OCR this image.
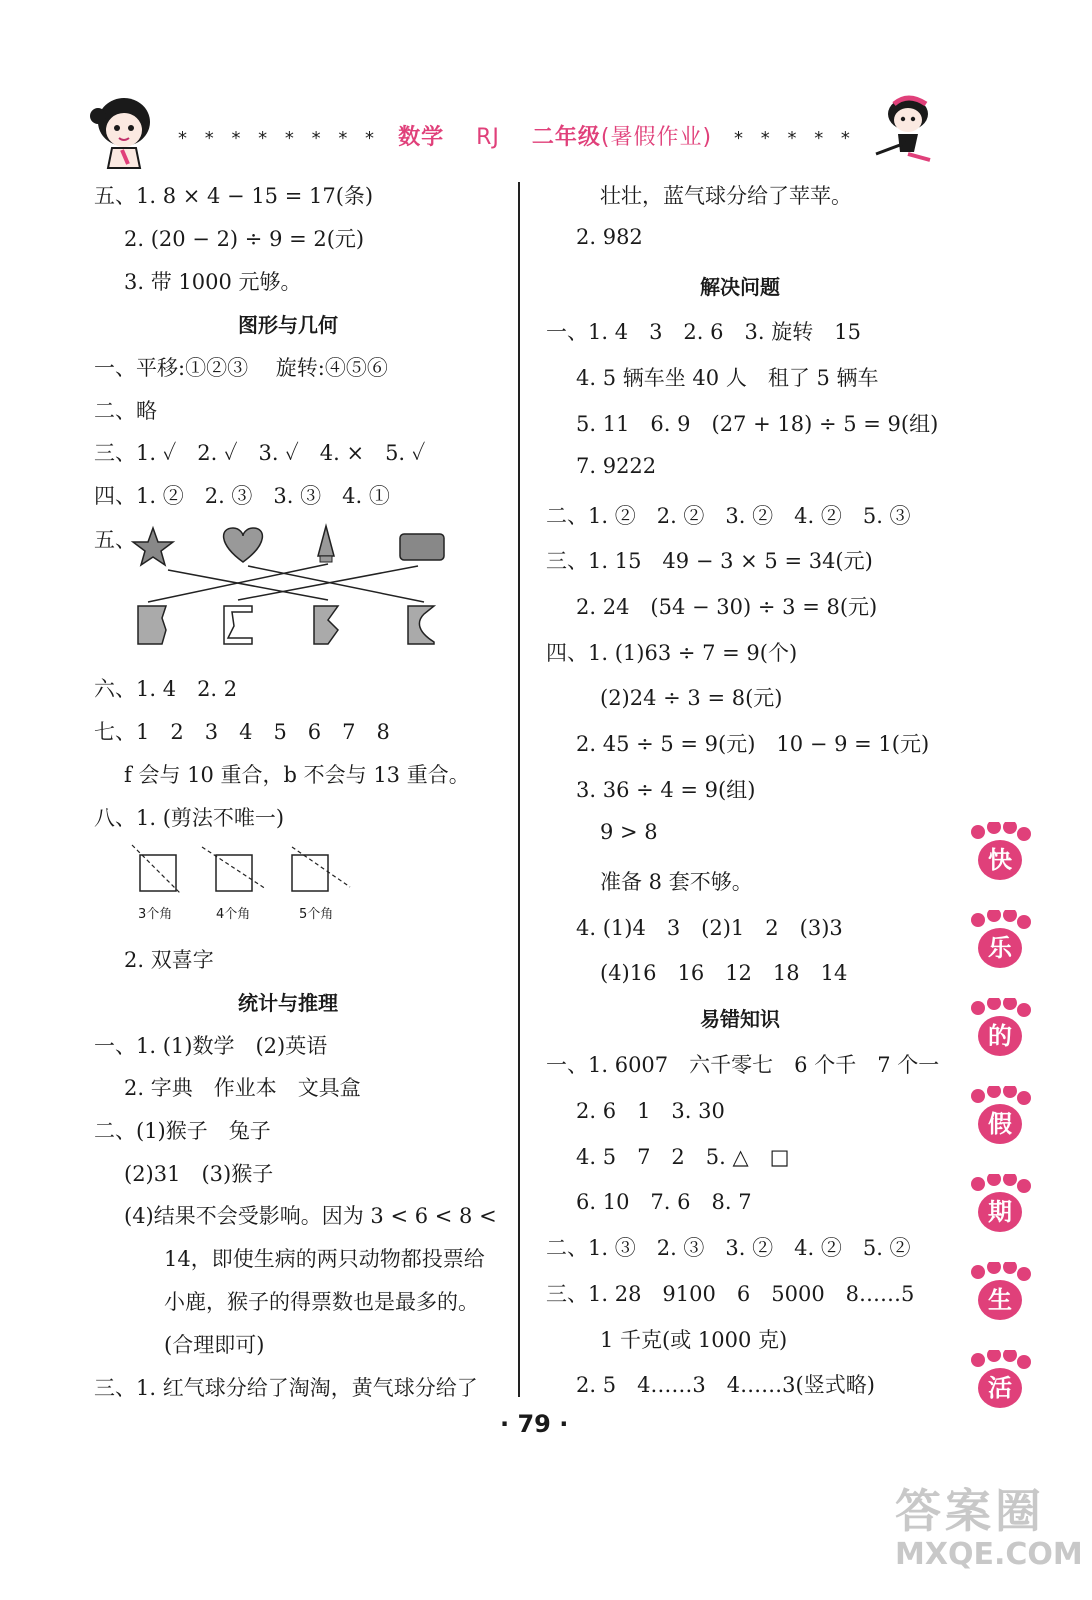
* * * * * * * * 数学 RJ 二年级(暑假作业) * * * * *
五、1. 8 × 4 − 15 = 17(条)
2. (20 − 2) ÷ 9 = 2(元)
3. 带 1000 元够。
图形与几何
一、平移:①②③　 旋转:④⑤⑥
二、略
三、1. ✓　2. ✓　3. ✓　4. ×　5. ✓
四、1. ②　2. ③　3. ③　4. ①
五、
六、1. 4　2. 2
七、1　2　3　4　5　6　7　8
f 会与 10 重合，b 不会与 13 重合。
八、1. (剪法不唯一)
3个角	4个角	5个角
2. 双喜字
统计与推理
一、1. (1)数学　(2)英语
2. 字典　作业本　文具盒
二、(1)猴子　兔子
(2)31　(3)猴子
(4)结果不会受影响。因为 3 < 6 < 8 <
14，即使生病的两只动物都投票给
小鹿，猴子的得票数也是最多的。
(合理即可)
三、1. 红气球分给了淘淘，黄气球分给了
壮壮，蓝气球分给了苹苹。
2. 982
解决问题
一、1. 4　3　2. 6　3. 旋转　15
4. 5 辆车坐 40 人　租了 5 辆车
5. 11　6. 9　(27 + 18) ÷ 5 = 9(组)
7. 9222
二、1. ②　2. ②　3. ②　4. ②　5. ③
三、1. 15　49 − 3 × 5 = 34(元)
2. 24　(54 − 30) ÷ 3 = 8(元)
四、1. (1)63 ÷ 7 = 9(个)
(2)24 ÷ 3 = 8(元)
2. 45 ÷ 5 = 9(元)　10 − 9 = 1(元)
3. 36 ÷ 4 = 9(组)
9 > 8
准备 8 套不够。
4. (1)4　3　(2)1　2　(3)3
(4)16　16　12　18　14
易错知识
一、1. 6007　六千零七　6 个千　7 个一
2. 6　1　3. 30
4. 5　7　2　5. △　□
6. 10　7. 6　8. 7
二、1. ③　2. ③　3. ②　4. ②　5. ②
三、1. 28　9100　6　5000　8……5
1 千克(或 1000 克)
2. 5　4……3　4……3(竖式略)
· 79 ·
快
乐
的
假
期
生
活
答案圈
MXQE.COM
